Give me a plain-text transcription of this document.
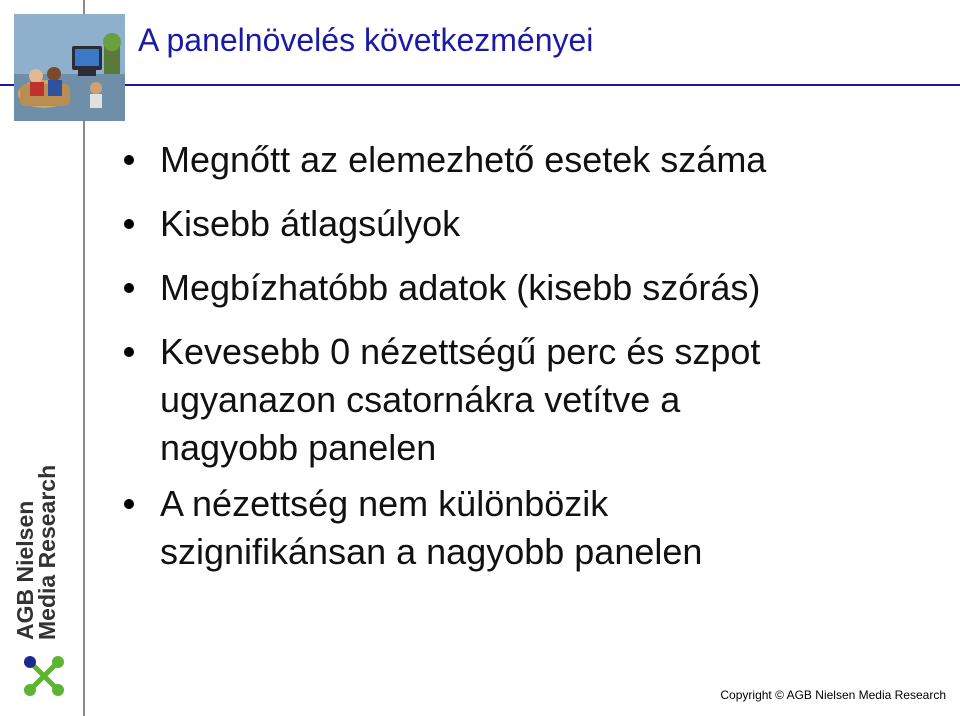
A panelnövelés következményei
Megnőtt az elemezhető esetek száma
Kisebb átlagsúlyok
Megbízhatóbb adatok (kisebb szórás)
Kevesebb 0 nézettségű perc és szpot
ugyanazon csatornákra vetítve a
nagyobb panelen
A nézettség nem különbözik
szignifikánsan a nagyobb panelen
AGB Nielsen
Media Research
Copyright © AGB Nielsen Media Research
